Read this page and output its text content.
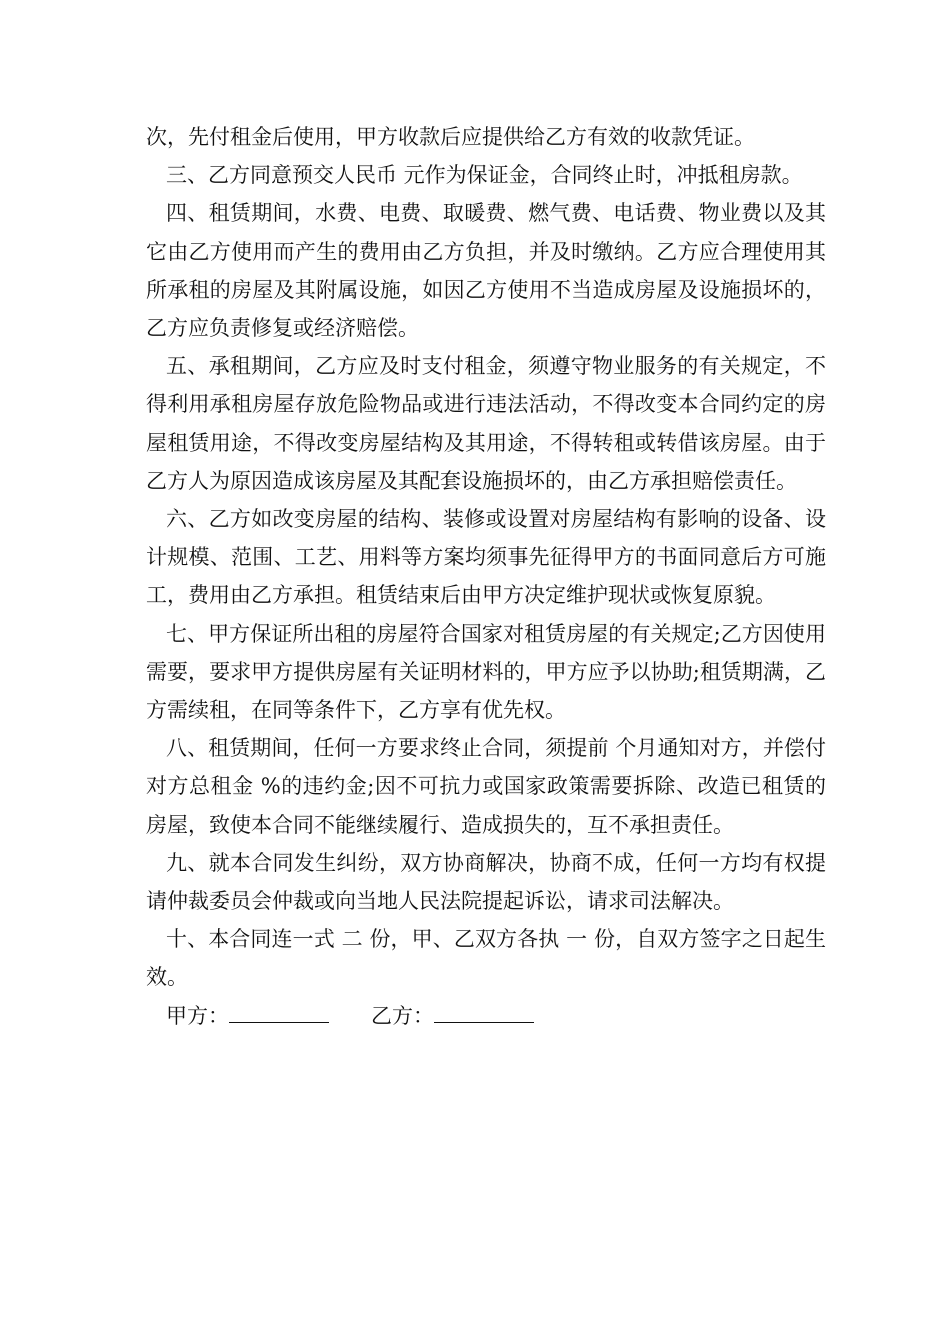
次，先付租金后使用，甲方收款后应提供给乙方有效的收款凭证。

三、乙方同意预交人民币 元作为保证金，合同终止时，冲抵租房款。

四、租赁期间，水费、电费、取暖费、燃气费、电话费、物业费以及其它由乙方使用而产生的费用由乙方负担，并及时缴纳。乙方应合理使用其所承租的房屋及其附属设施，如因乙方使用不当造成房屋及设施损坏的，乙方应负责修复或经济赔偿。

五、承租期间，乙方应及时支付租金，须遵守物业服务的有关规定，不得利用承租房屋存放危险物品或进行违法活动，不得改变本合同约定的房屋租赁用途，不得改变房屋结构及其用途，不得转租或转借该房屋。由于乙方人为原因造成该房屋及其配套设施损坏的，由乙方承担赔偿责任。

六、乙方如改变房屋的结构、装修或设置对房屋结构有影响的设备、设计规模、范围、工艺、用料等方案均须事先征得甲方的书面同意后方可施工，费用由乙方承担。租赁结束后由甲方决定维护现状或恢复原貌。

七、甲方保证所出租的房屋符合国家对租赁房屋的有关规定;乙方因使用需要，要求甲方提供房屋有关证明材料的，甲方应予以协助;租赁期满，乙方需续租，在同等条件下，乙方享有优先权。

八、租赁期间，任何一方要求终止合同，须提前 个月通知对方，并偿付对方总租金 %的违约金;因不可抗力或国家政策需要拆除、改造已租赁的房屋，致使本合同不能继续履行、造成损失的，互不承担责任。

九、就本合同发生纠纷，双方协商解决，协商不成，任何一方均有权提请仲裁委员会仲裁或向当地人民法院提起诉讼，请求司法解决。

十、本合同连一式 二 份，甲、乙双方各执 一 份，自双方签字之日起生效。

甲方：	乙方：
